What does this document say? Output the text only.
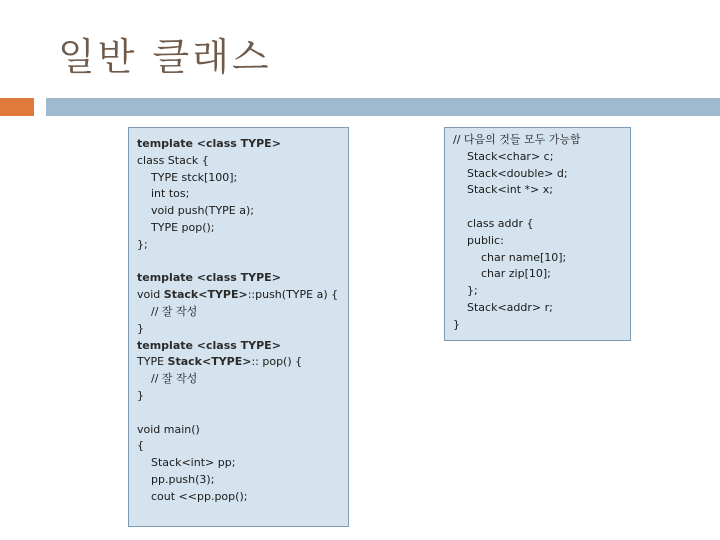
일반 클래스
template <class TYPE>
class Stack {
TYPE stck[100];
int tos;
void push(TYPE a);
TYPE pop();
};
template <class TYPE>
void Stack<TYPE>::push(TYPE a) {
// 잘 작성
}
template <class TYPE>
TYPE Stack<TYPE>:: pop() {
// 잘 작성
}
void main()
{
Stack<int> pp;
pp.push(3);
cout <<pp.pop();
// 다음의 것들 모두 가능함
Stack<char> c;
Stack<double> d;
Stack<int *> x;
class addr {
public:
char name[10];
char zip[10];
};
Stack<addr> r;
}
